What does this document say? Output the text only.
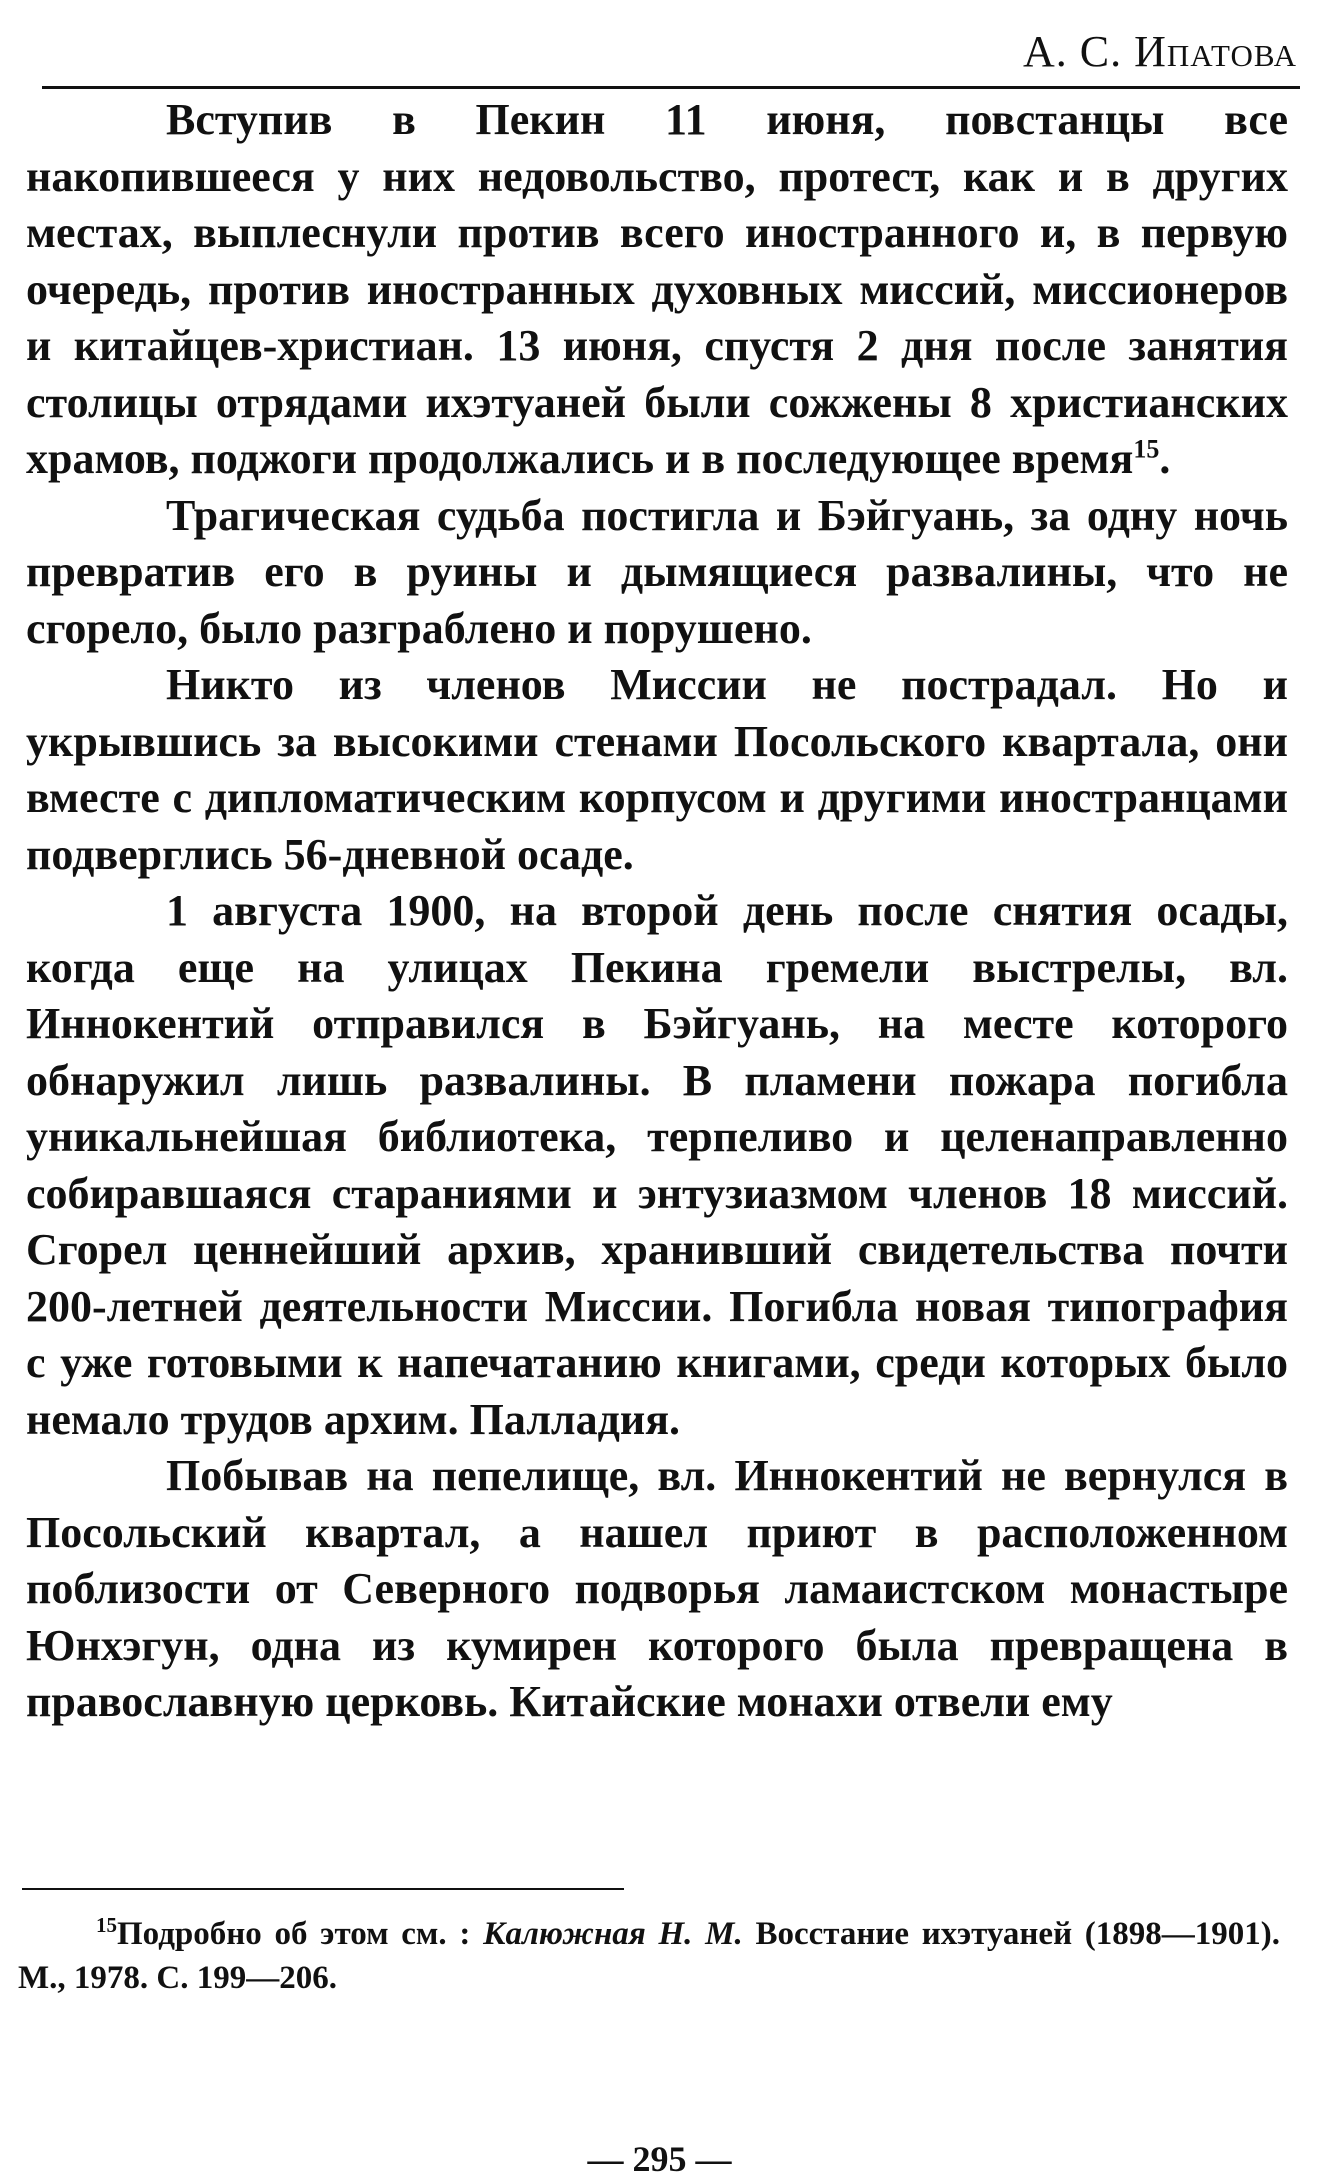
А. С. Ипатова

Вступив в Пекин 11 июня, повстанцы все накопившееся у них недовольство, протест, как и в других местах, выплеснули против всего иностранного и, в первую очередь, против иностранных духовных миссий, миссионеров и китайцев-христиан. 13 июня, спустя 2 дня после занятия столицы отрядами ихэтуаней были сожжены 8 христианских храмов, поджоги продолжались и в последующее время$^{15}$.

Трагическая судьба постигла и Бэйгуань, за одну ночь превратив его в руины и дымящиеся развалины, что не сгорело, было разграблено и порушено.

Никто из членов Миссии не пострадал. Но и укрывшись за высокими стенами Посольского квартала, они вместе с дипломатическим корпусом и другими иностранцами подверглись 56-дневной осаде.

1 августа 1900, на второй день после снятия осады, когда еще на улицах Пекина гремели выстрелы, вл. Иннокентий отправился в Бэйгуань, на месте которого обнаружил лишь развалины. В пламени пожара погибла уникальнейшая библиотека, терпеливо и целенаправленно собиравшаяся стараниями и энтузиазмом членов 18 миссий. Сгорел ценнейший архив, хранивший свидетельства почти 200-летней деятельности Миссии. Погибла новая типография с уже готовыми к напечатанию книгами, среди которых было немало трудов архим. Палладия.

Побывав на пепелище, вл. Иннокентий не вернулся в Посольский квартал, а нашел приют в расположенном поблизости от Северного подворья ламаистском монастыре Юнхэгун, одна из кумирен которого была превращена в православную церковь. Китайские монахи отвели ему

$^{15}$Подробно об этом см. : Калюжная Н. М. Восстание ихэтуаней (1898—1901). М., 1978. С. 199—206.
— 295 —
